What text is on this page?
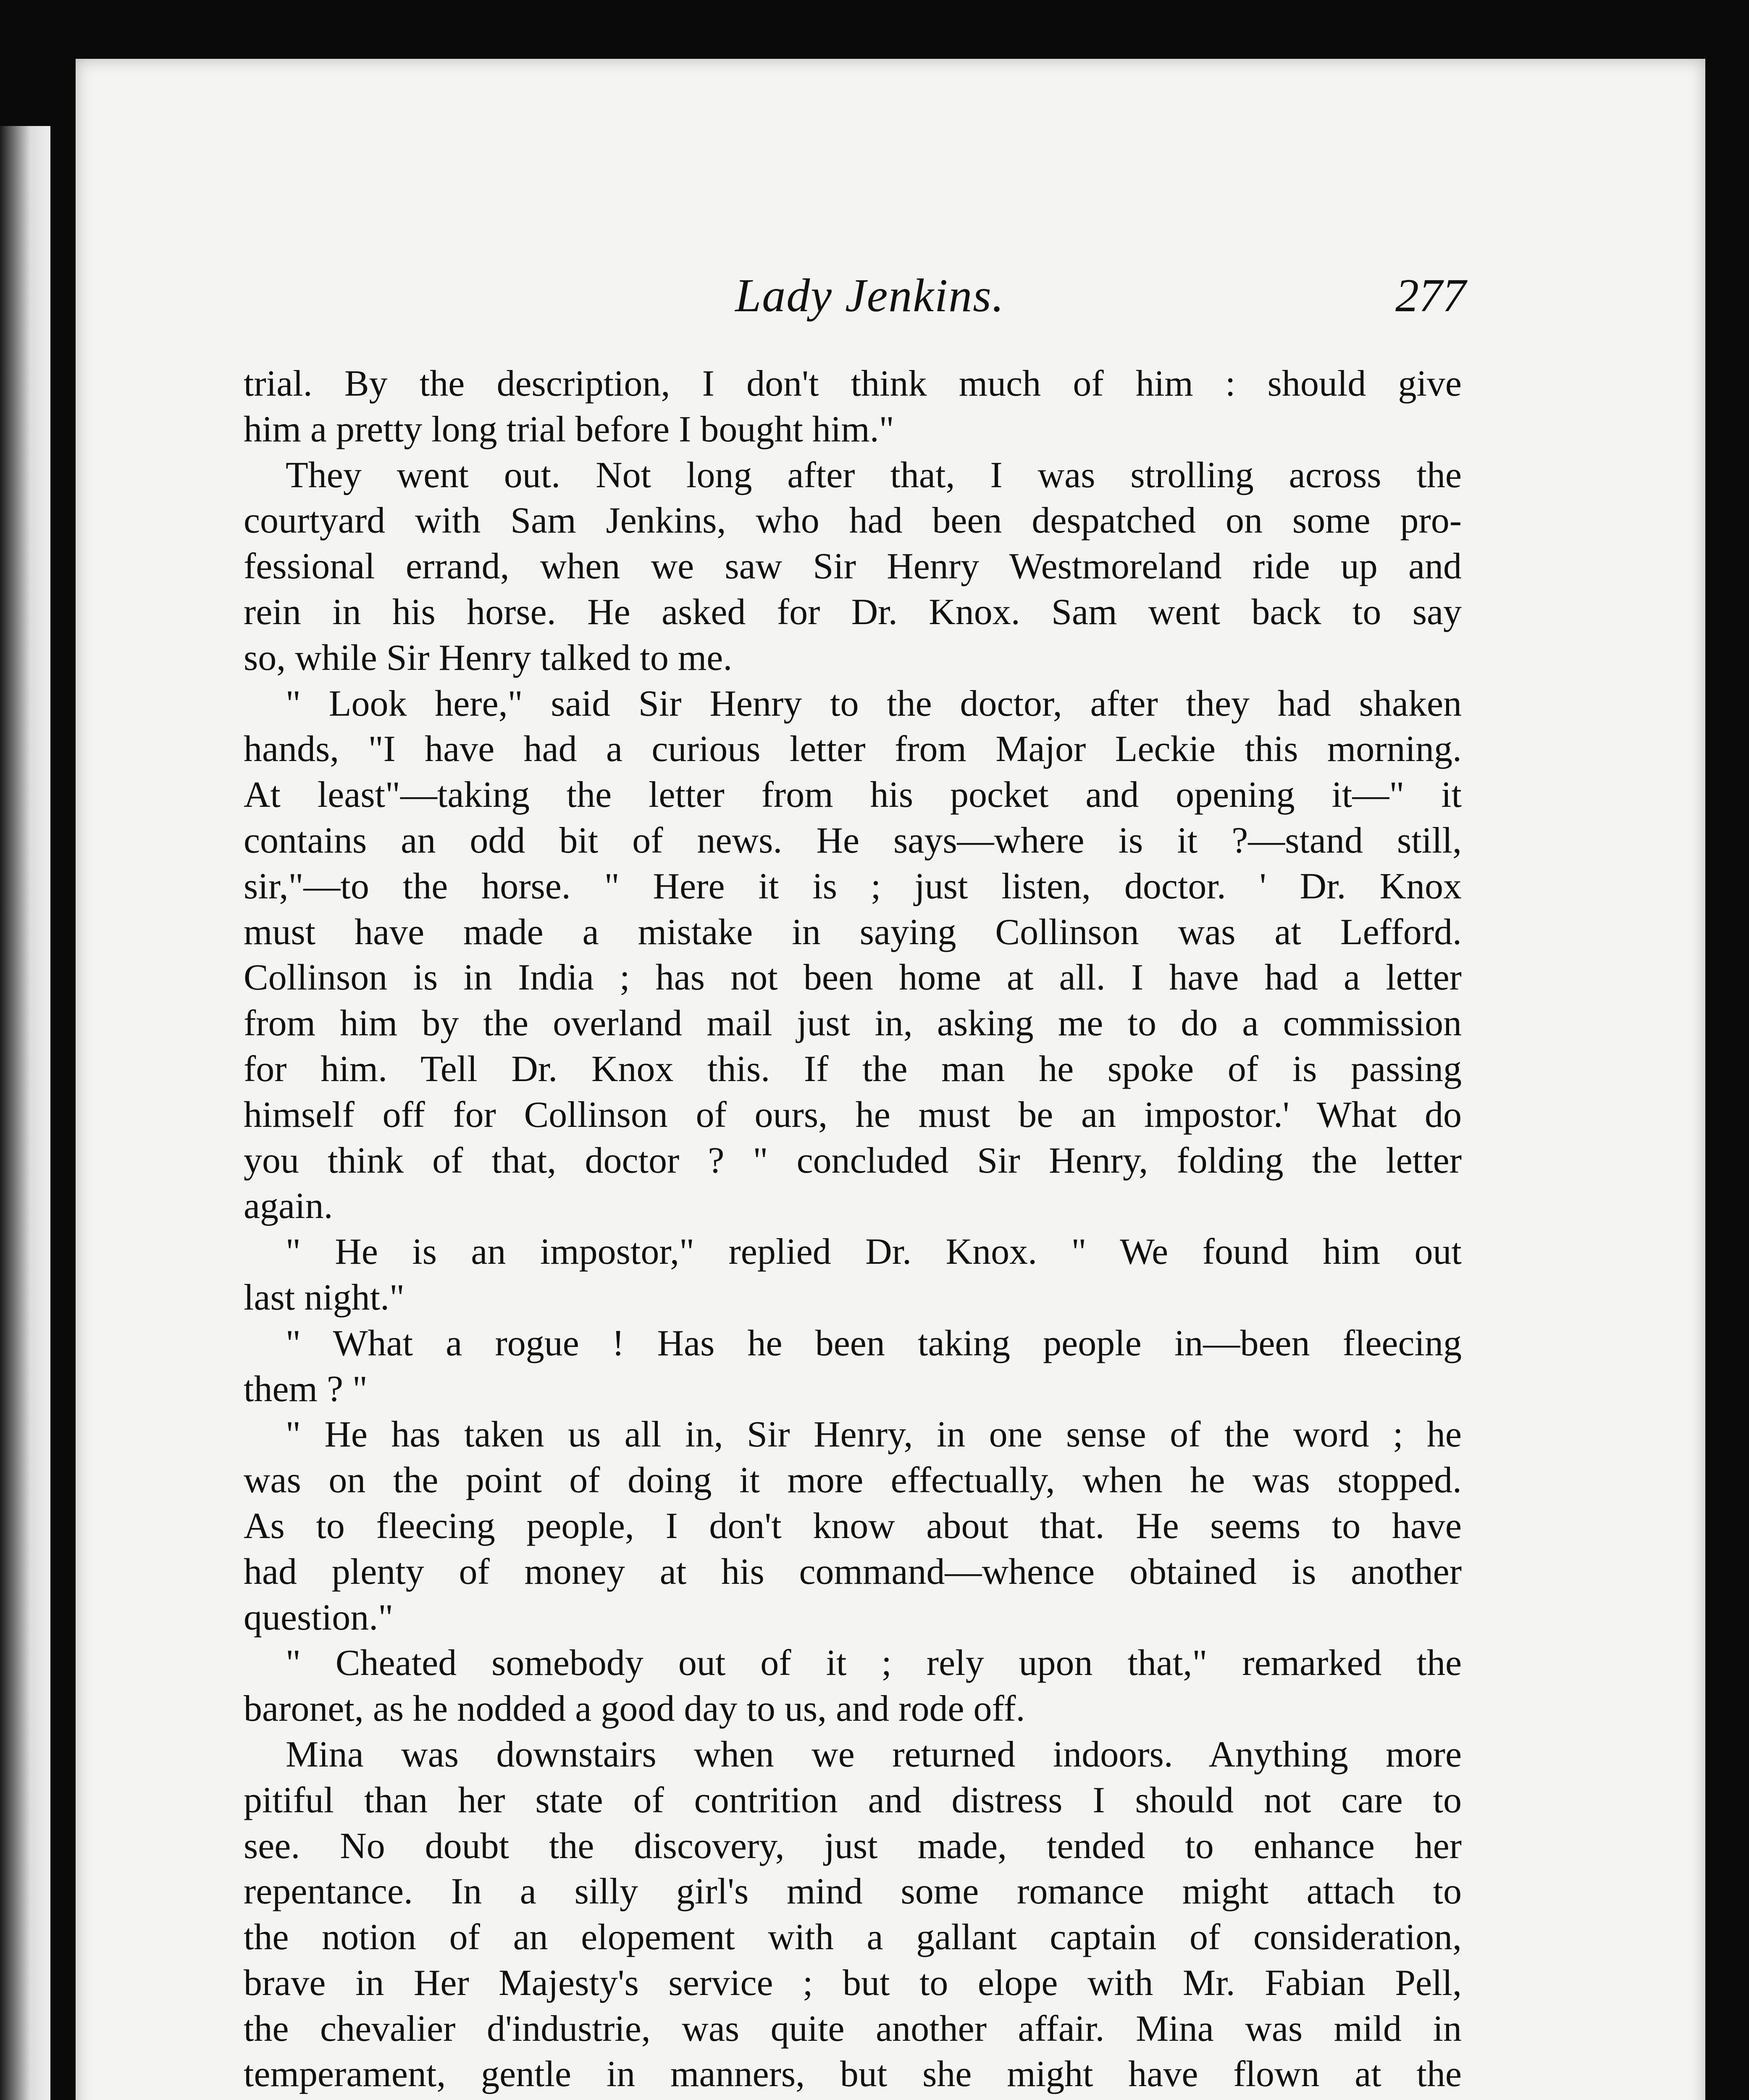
Lady Jenkins.	277
trial. By the description, I don't think much of him : should give
him a pretty long trial before I bought him."
They went out. Not long after that, I was strolling across the
courtyard with Sam Jenkins, who had been despatched on some pro-
fessional errand, when we saw Sir Henry Westmoreland ride up and
rein in his horse. He asked for Dr. Knox. Sam went back to say
so, while Sir Henry talked to me.
" Look here," said Sir Henry to the doctor, after they had shaken
hands, "I have had a curious letter from Major Leckie this morning.
At least"—taking the letter from his pocket and opening it—" it
contains an odd bit of news. He says—where is it ?—stand still,
sir,"—to the horse. " Here it is ; just listen, doctor. ' Dr. Knox
must have made a mistake in saying Collinson was at Lefford.
Collinson is in India ; has not been home at all. I have had a letter
from him by the overland mail just in, asking me to do a commission
for him. Tell Dr. Knox this. If the man he spoke of is passing
himself off for Collinson of ours, he must be an impostor.' What do
you think of that, doctor ? " concluded Sir Henry, folding the letter
again.
" He is an impostor," replied Dr. Knox. " We found him out
last night."
" What a rogue ! Has he been taking people in—been fleecing
them ? "
" He has taken us all in, Sir Henry, in one sense of the word ; he
was on the point of doing it more effectually, when he was stopped.
As to fleecing people, I don't know about that. He seems to have
had plenty of money at his command—whence obtained is another
question."
" Cheated somebody out of it ; rely upon that," remarked the
baronet, as he nodded a good day to us, and rode off.
Mina was downstairs when we returned indoors. Anything more
pitiful than her state of contrition and distress I should not care to
see. No doubt the discovery, just made, tended to enhance her
repentance. In a silly girl's mind some romance might attach to
the notion of an elopement with a gallant captain of consideration,
brave in Her Majesty's service ; but to elope with Mr. Fabian Pell,
the chevalier d'industrie, was quite another affair. Mina was mild in
temperament, gentle in manners, but she might have flown at the
